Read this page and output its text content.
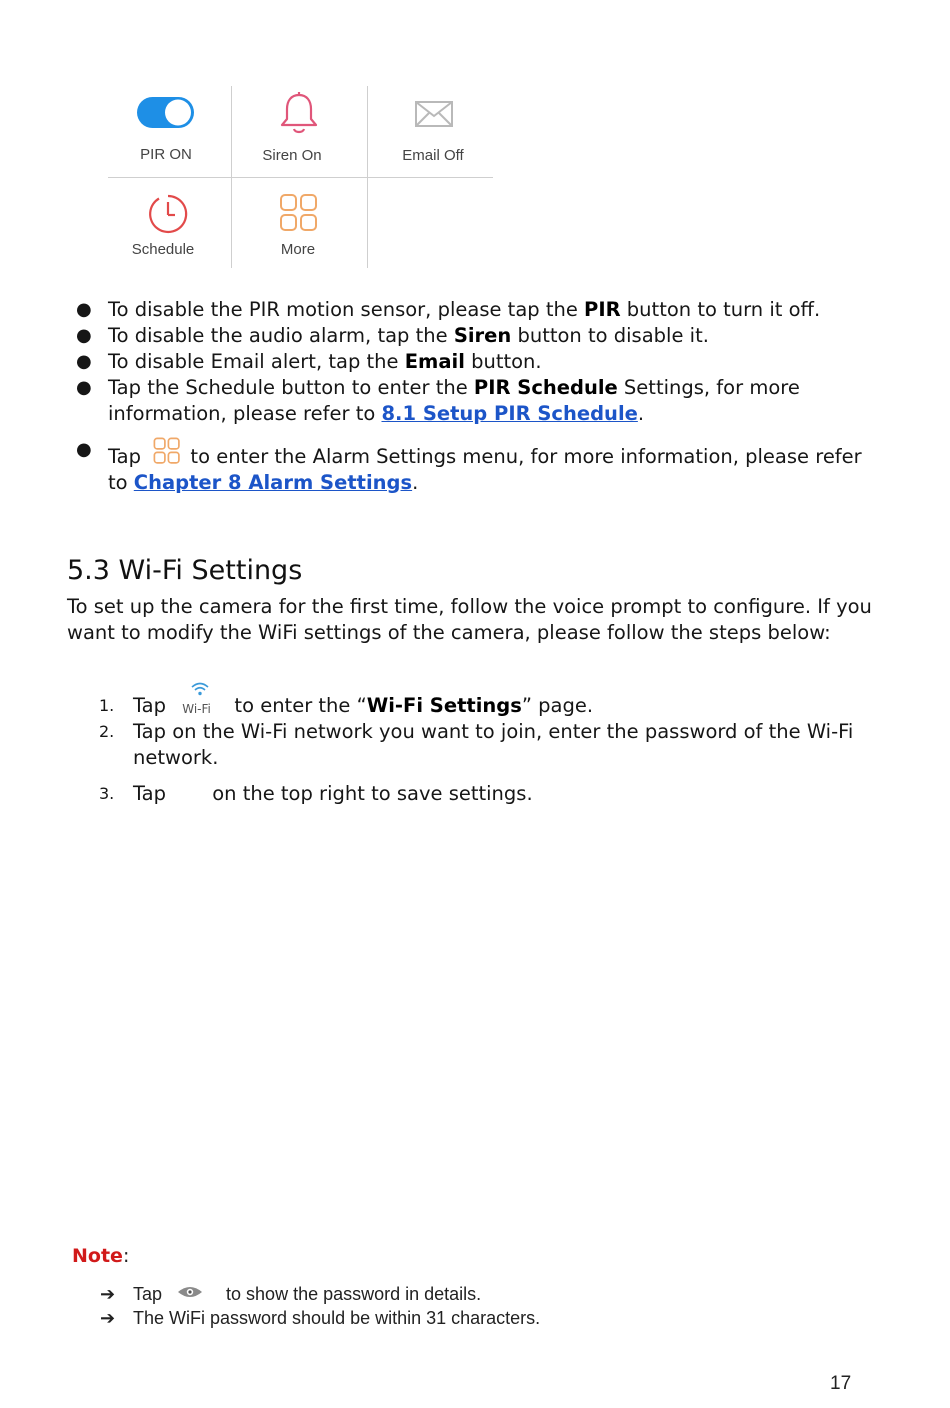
PIR ON	Siren On	Email Off
Schedule	More
● To disable the PIR motion sensor, please tap the PIR button to turn it off.
● To disable the audio alarm, tap the Siren button to disable it.
● To disable Email alert, tap the Email button.
● Tap the Schedule button to enter the PIR Schedule Settings, for more information, please refer to 8.1 Setup PIR Schedule.
● Tap  to enter the Alarm Settings menu, for more information, please refer to Chapter 8 Alarm Settings.
5.3 Wi-Fi Settings
To set up the camera for the first time, follow the voice prompt to configure. If you want to modify the WiFi settings of the camera, please follow the steps below:
1. Tap Wi-Fi to enter the “Wi-Fi Settings” page.
2. Tap on the Wi-Fi network you want to join, enter the password of the Wi-Fi network.
3. Tap on the top right to save settings.
Note:
➔ Tap	to show the password in details.
➔ The WiFi password should be within 31 characters.
17
